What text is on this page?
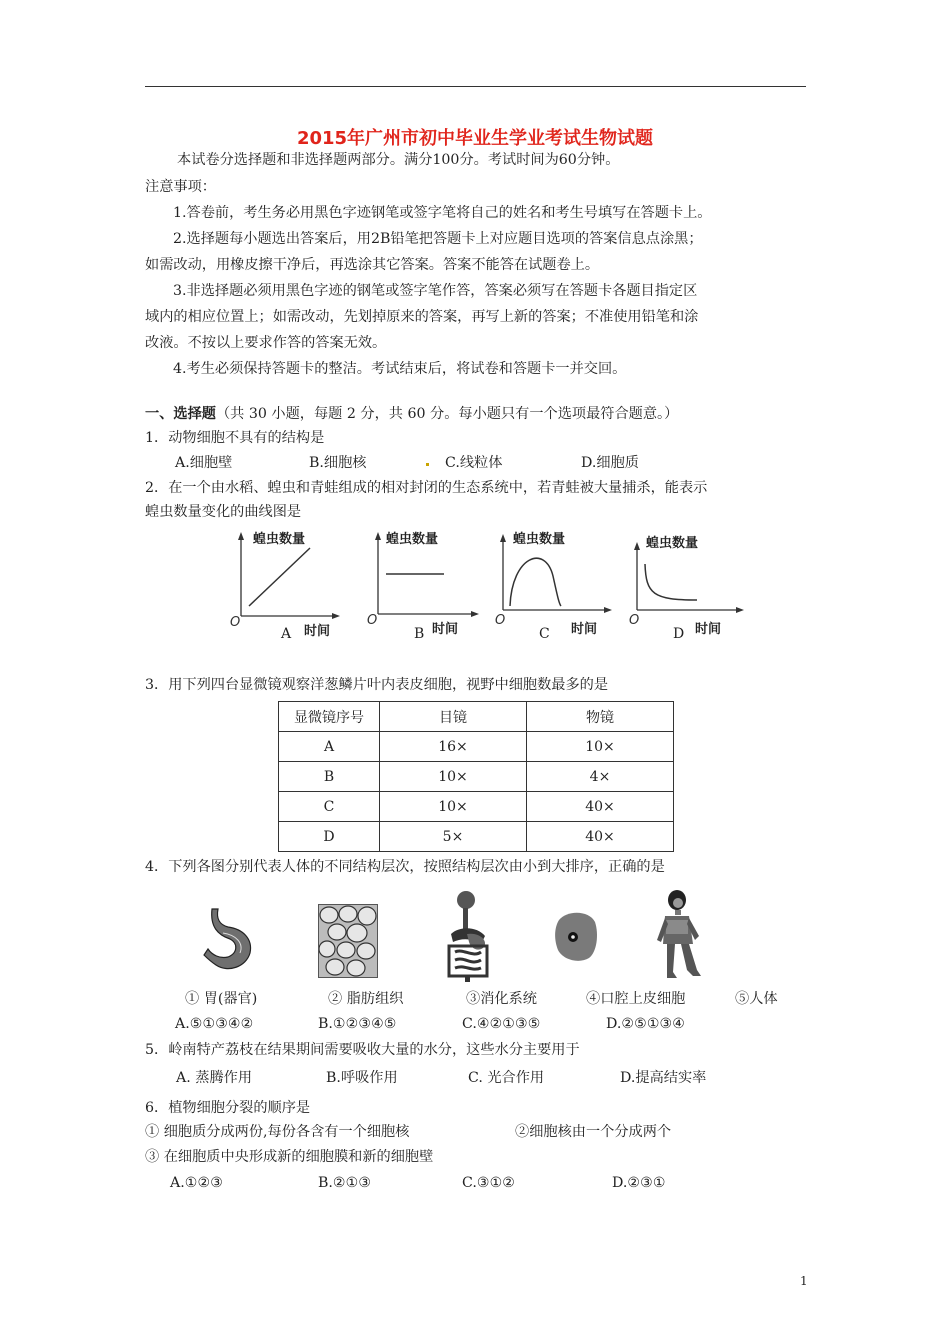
2015年广州市初中毕业生学业考试生物试题
本试卷分选择题和非选择题两部分。满分100分。考试时间为60分钟。
注意事项：
1.答卷前，考生务必用黑色字迹钢笔或签字笔将自己的姓名和考生号填写在答题卡上。
2.选择题每小题选出答案后，用2B铅笔把答题卡上对应题目选项的答案信息点涂黑；
如需改动，用橡皮擦干净后，再选涂其它答案。答案不能答在试题卷上。
3.非选择题必须用黑色字迹的钢笔或签字笔作答，答案必须写在答题卡各题目指定区
域内的相应位置上；如需改动，先划掉原来的答案，再写上新的答案；不准使用铅笔和涂
改液。不按以上要求作答的答案无效。
4.考生必须保持答题卡的整洁。考试结束后，将试卷和答题卡一并交回。
一、选择题（共 30 小题，每题 2 分，共 60 分。每小题只有一个选项最符合题意。）
1．动物细胞不具有的结构是
A.细胞壁	B.细胞核	C.线粒体	D.细胞质
2．在一个由水稻、蝗虫和青蛙组成的相对封闭的生态系统中，若青蛙被大量捕杀，能表示
蝗虫数量变化的曲线图是
蝗虫数量
O
时间
A
蝗虫数量
O
时间
B
蝗虫数量
O
时间
C
蝗虫数量
O
时间
D
3．用下列四台显微镜观察洋葱鳞片叶内表皮细胞，视野中细胞数最多的是
显微镜序号	目镜	物镜
A	16×	10×
B	10×	4×
C	10×	40×
D	5×	40×
4．下列各图分别代表人体的不同结构层次，按照结构层次由小到大排序，正确的是
① 胃(器官)	② 脂肪组织	③消化系统	④口腔上皮细胞	⑤人体
A.⑤①③④②	B.①②③④⑤	C.④②①③⑤	D.②⑤①③④
5．岭南特产荔枝在结果期间需要吸收大量的水分，这些水分主要用于
A. 蒸腾作用	B.呼吸作用	C. 光合作用	D.提高结实率
6．植物细胞分裂的顺序是
① 细胞质分成两份,每份各含有一个细胞核	②细胞核由一个分成两个
③ 在细胞质中央形成新的细胞膜和新的细胞壁
A.①②③	B.②①③	C.③①②	D.②③①
1
